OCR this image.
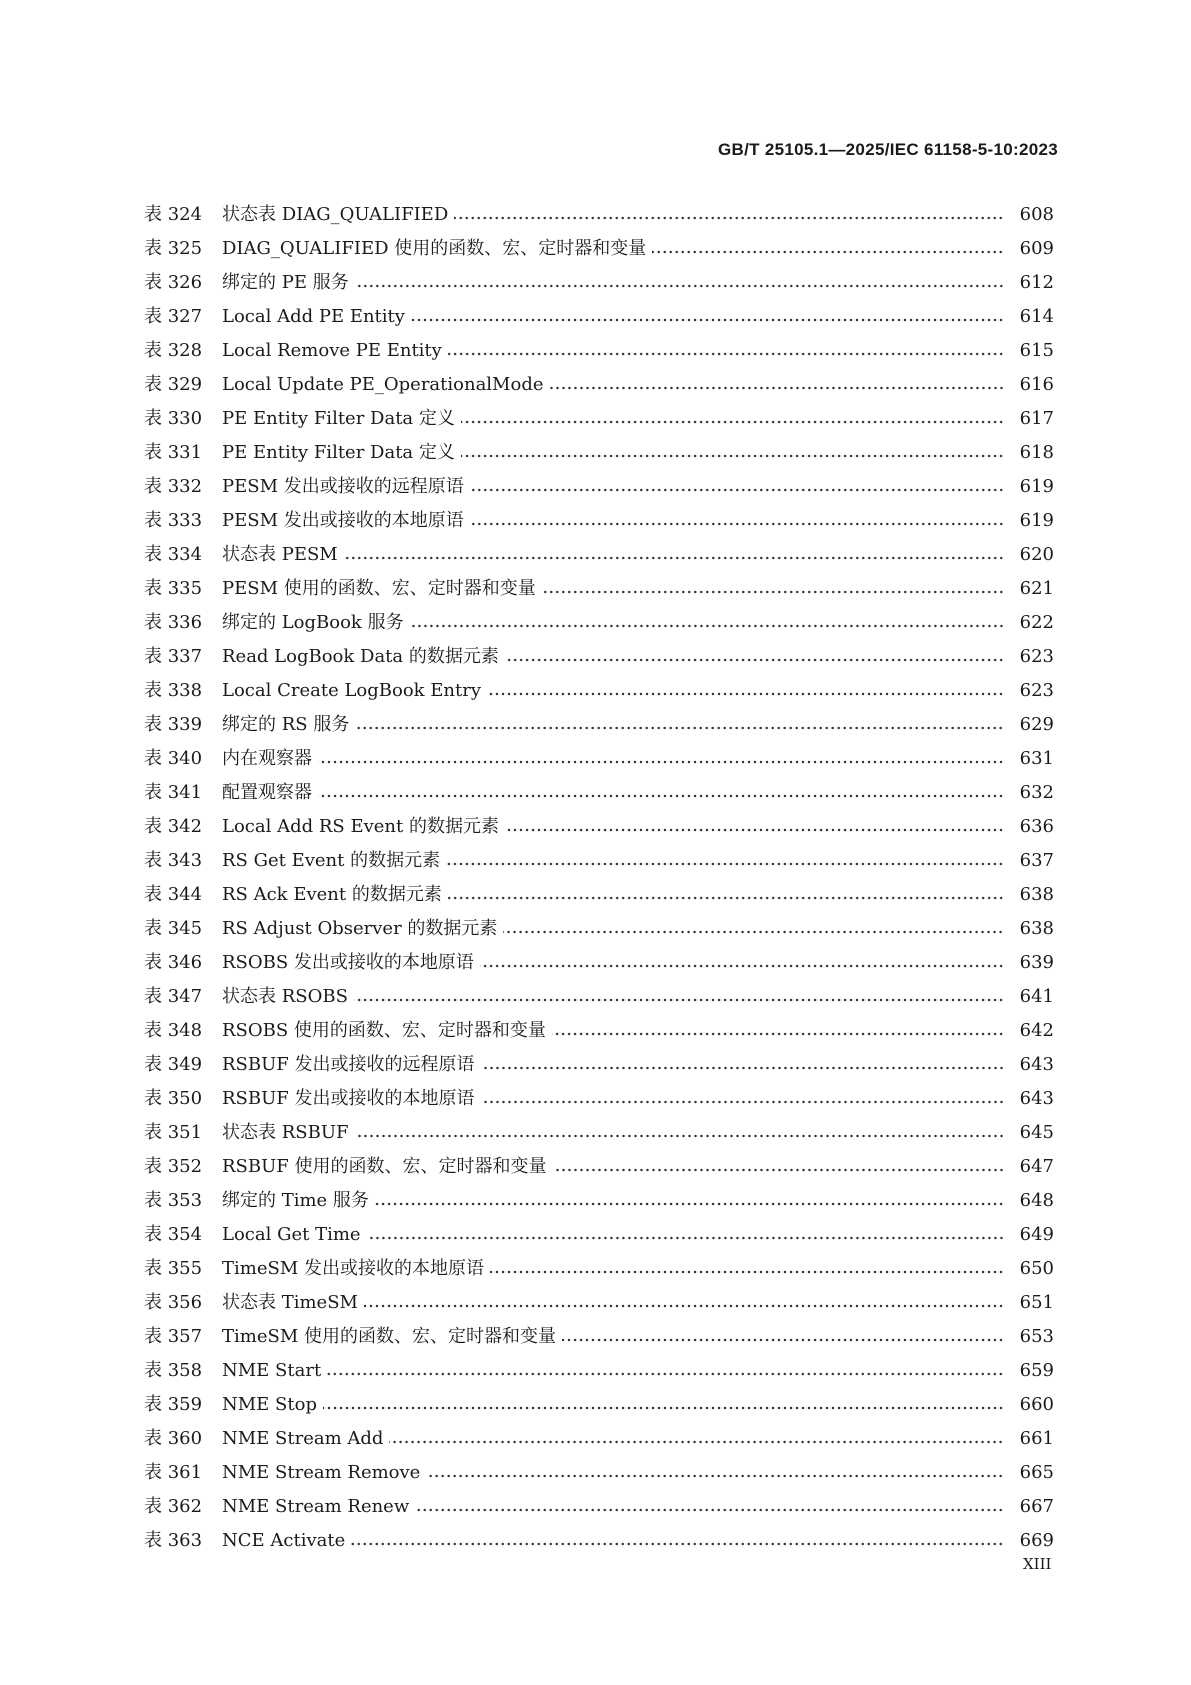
GB/T 25105.1—2025/IEC 61158-5-10:2023
表 324	状态表 DIAG_QUALIFIED	608
表 325	DIAG_QUALIFIED 使用的函数、宏、定时器和变量	609
表 326	绑定的 PE 服务	612
表 327	Local Add PE Entity	614
表 328	Local Remove PE Entity	615
表 329	Local Update PE_OperationalMode	616
表 330	PE Entity Filter Data 定义	617
表 331	PE Entity Filter Data 定义	618
表 332	PESM 发出或接收的远程原语	619
表 333	PESM 发出或接收的本地原语	619
表 334	状态表 PESM	620
表 335	PESM 使用的函数、宏、定时器和变量	621
表 336	绑定的 LogBook 服务	622
表 337	Read LogBook Data 的数据元素	623
表 338	Local Create LogBook Entry	623
表 339	绑定的 RS 服务	629
表 340	内在观察器	631
表 341	配置观察器	632
表 342	Local Add RS Event 的数据元素	636
表 343	RS Get Event 的数据元素	637
表 344	RS Ack Event 的数据元素	638
表 345	RS Adjust Observer 的数据元素	638
表 346	RSOBS 发出或接收的本地原语	639
表 347	状态表 RSOBS	641
表 348	RSOBS 使用的函数、宏、定时器和变量	642
表 349	RSBUF 发出或接收的远程原语	643
表 350	RSBUF 发出或接收的本地原语	643
表 351	状态表 RSBUF	645
表 352	RSBUF 使用的函数、宏、定时器和变量	647
表 353	绑定的 Time 服务	648
表 354	Local Get Time	649
表 355	TimeSM 发出或接收的本地原语	650
表 356	状态表 TimeSM	651
表 357	TimeSM 使用的函数、宏、定时器和变量	653
表 358	NME Start	659
表 359	NME Stop	660
表 360	NME Stream Add	661
表 361	NME Stream Remove	665
表 362	NME Stream Renew	667
表 363	NCE Activate	669
XIII
